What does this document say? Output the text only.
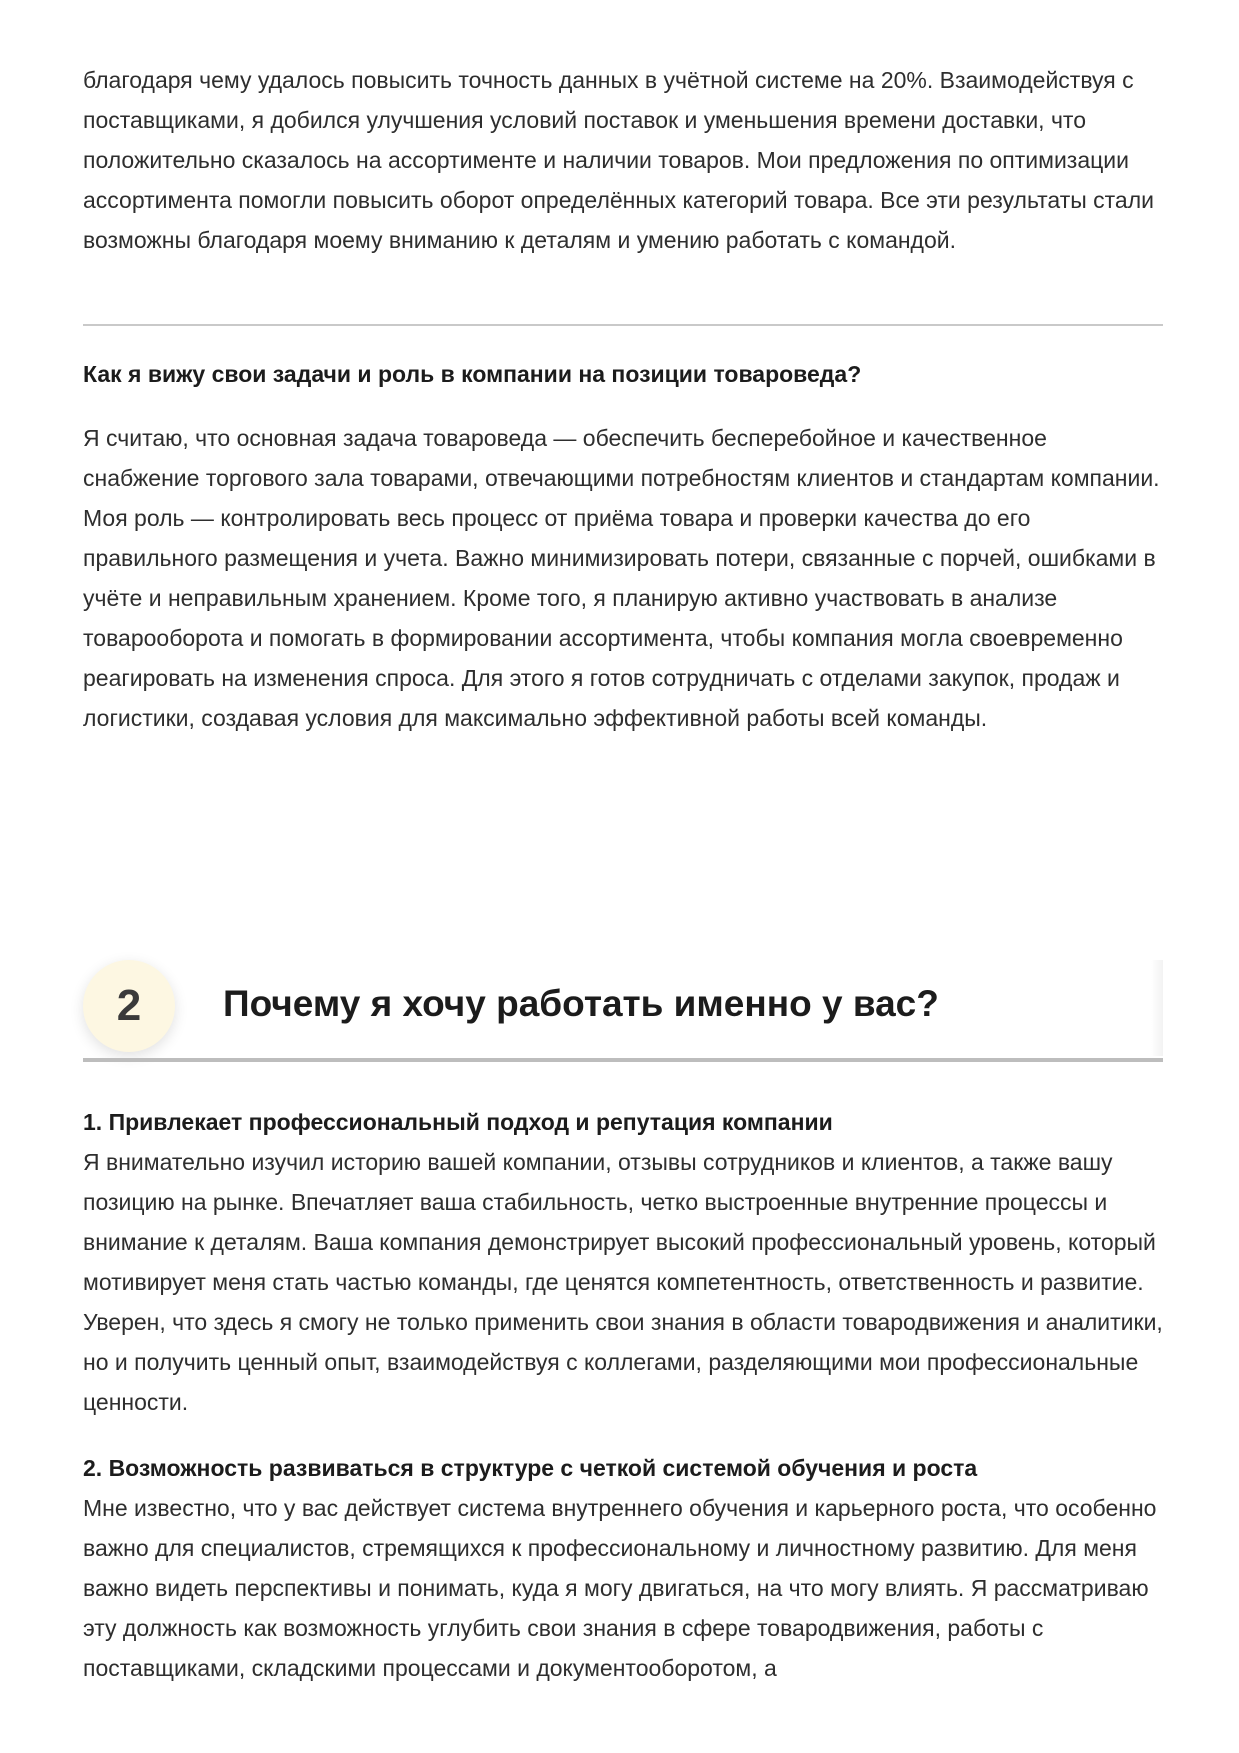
благодаря чему удалось повысить точность данных в учётной системе на 20%. Взаимодействуя с поставщиками, я добился улучшения условий поставок и уменьшения времени доставки, что положительно сказалось на ассортименте и наличии товаров. Мои предложения по оптимизации ассортимента помогли повысить оборот определённых категорий товара. Все эти результаты стали возможны благодаря моему вниманию к деталям и умению работать с командой.

Как я вижу свои задачи и роль в компании на позиции товароведа?

Я считаю, что основная задача товароведа — обеспечить бесперебойное и качественное снабжение торгового зала товарами, отвечающими потребностям клиентов и стандартам компании. Моя роль — контролировать весь процесс от приёма товара и проверки качества до его правильного размещения и учета. Важно минимизировать потери, связанные с порчей, ошибками в учёте и неправильным хранением. Кроме того, я планирую активно участвовать в анализе товарооборота и помогать в формировании ассортимента, чтобы компания могла своевременно реагировать на изменения спроса. Для этого я готов сотрудничать с отделами закупок, продаж и логистики, создавая условия для максимально эффективной работы всей команды.

2	Почему я хочу работать именно у вас?

1. Привлекает профессиональный подход и репутация компании

Я внимательно изучил историю вашей компании, отзывы сотрудников и клиентов, а также вашу позицию на рынке. Впечатляет ваша стабильность, четко выстроенные внутренние процессы и внимание к деталям. Ваша компания демонстрирует высокий профессиональный уровень, который мотивирует меня стать частью команды, где ценятся компетентность, ответственность и развитие. Уверен, что здесь я смогу не только применить свои знания в области товародвижения и аналитики, но и получить ценный опыт, взаимодействуя с коллегами, разделяющими мои профессиональные ценности.

2. Возможность развиваться в структуре с четкой системой обучения и роста

Мне известно, что у вас действует система внутреннего обучения и карьерного роста, что особенно важно для специалистов, стремящихся к профессиональному и личностному развитию. Для меня важно видеть перспективы и понимать, куда я могу двигаться, на что могу влиять. Я рассматриваю эту должность как возможность углубить свои знания в сфере товародвижения, работы с поставщиками, складскими процессами и документооборотом, а
